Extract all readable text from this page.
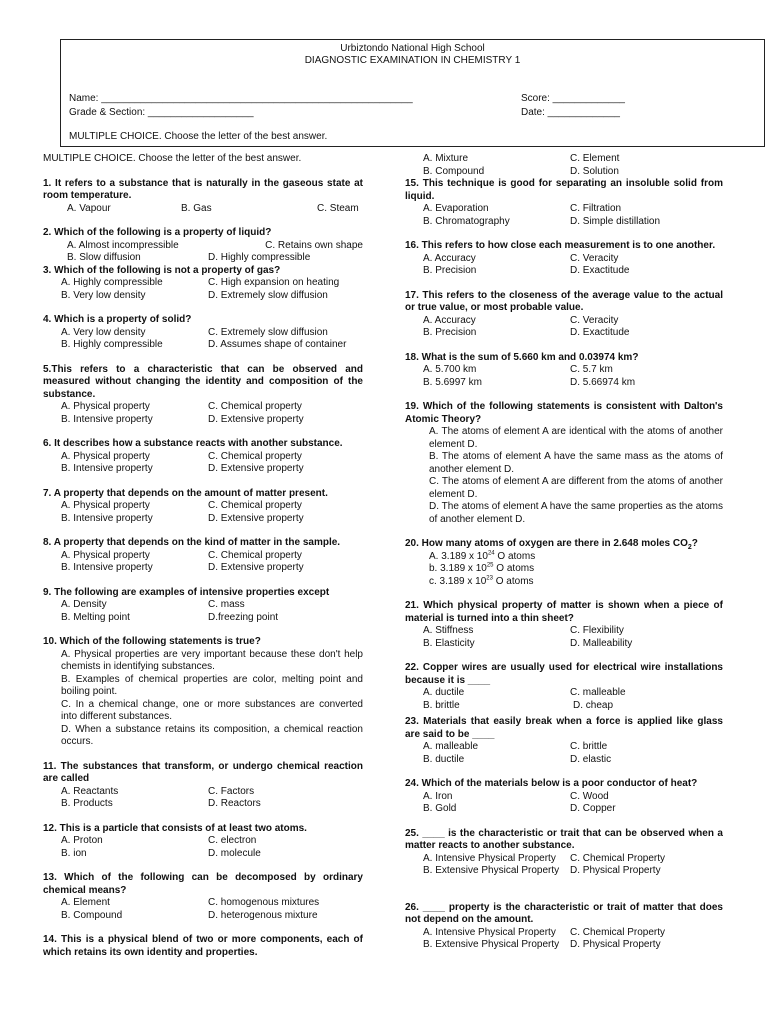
Urbiztondo National High School
DIAGNOSTIC EXAMINATION IN CHEMISTRY 1
Name: ________________________________________________________	Score: _____________
Grade & Section: ___________________	Date: _____________
MULTIPLE CHOICE. Choose the letter of the best answer.
MULTIPLE CHOICE. Choose the letter of the best answer.
1. It refers to a substance that is naturally in the gaseous state at room temperature.
A. Vapour	B. Gas	C. Steam
2. Which of the following is a property of liquid?
A. Almost incompressible	C. Retains own shape
B. Slow diffusion	D. Highly compressible
3. Which of the following is not a property of gas?
A. Highly compressible	C. High expansion on heating
B. Very low density	D. Extremely slow diffusion
4. Which is a property of solid?
A. Very low density	C. Extremely slow diffusion
B. Highly compressible	D. Assumes shape of container
5.This refers to a characteristic that can be observed and measured without changing the identity and composition of the substance.
A. Physical property	C. Chemical property
B. Intensive property	D. Extensive property
6. It describes how a substance reacts with another substance.
A. Physical property	C. Chemical property
B. Intensive property	D. Extensive property
7. A property that depends on the amount of matter present.
A. Physical property	C. Chemical property
B. Intensive property	D. Extensive property
8. A property that depends on the kind of matter in the sample.
A. Physical property	C. Chemical property
B. Intensive property	D. Extensive property
9. The following are examples of intensive properties except
A. Density	C. mass
B. Melting point	D.freezing point
10. Which of the following statements is true?
A. Physical properties are very important because these don't help chemists in identifying substances.
B. Examples of chemical properties are color, melting point and boiling point.
C. In a chemical change, one or more substances are converted into different substances.
D. When a substance retains its composition, a chemical reaction occurs.
11. The substances that transform, or undergo chemical reaction are called
A. Reactants	C. Factors
B. Products	D. Reactors
12. This is a particle that consists of at least two atoms.
A. Proton	C. electron
B. ion	D. molecule
13. Which of the following can be decomposed by ordinary chemical means?
A. Element	C. homogenous mixtures
B. Compound	D. heterogenous mixture
14. This is a physical blend of two or more components, each of which retains its own identity and properties.
A. Mixture	C. Element
B. Compound	D. Solution
15. This technique is good for separating an insoluble solid from liquid.
A. Evaporation	C. Filtration
B. Chromatography	D. Simple distillation
16. This refers to how close each measurement is to one another.
A. Accuracy	C. Veracity
B. Precision	D. Exactitude
17. This refers to the closeness of the average value to the actual or true value, or most probable value.
A. Accuracy	C. Veracity
B. Precision	D. Exactitude
18. What is the sum of 5.660 km and 0.03974 km?
A. 5.700 km	C. 5.7 km
B. 5.6997 km	D. 5.66974 km
19. Which of the following statements is consistent with Dalton's Atomic Theory?
A. The atoms of element A are identical with the atoms of another element D.
B. The atoms of element A have the same mass as the atoms of another element D.
C. The atoms of element A are different from the atoms of another element D.
D. The atoms of element A have the same properties as the atoms of another element D.
20. How many atoms of oxygen are there in 2.648 moles $CO_2$?
A. 3.189 x $10^{24}$ O atoms
b. 3.189 x $10^{25}$ O atoms
c. 3.189 x $10^{23}$ O atoms
21. Which physical property of matter is shown when a piece of material is turned into a thin sheet?
A. Stiffness	C. Flexibility
B. Elasticity	D. Malleability
22. Copper wires are usually used for electrical wire installations because it is ____
A. ductile	C. malleable
B. brittle	D. cheap
23. Materials that easily break when a force is applied like glass are said to be ____
A. malleable	C. brittle
B. ductile	D. elastic
24. Which of the materials below is a poor conductor of heat?
A. Iron	C. Wood
B. Gold	D. Copper
25. ____ is the characteristic or trait that can be observed when a matter reacts to another substance.
A. Intensive Physical Property	C. Chemical Property
B. Extensive Physical Property	D. Physical Property
26. ____ property is the characteristic or trait of matter that does not depend on the amount.
A. Intensive Physical Property	C. Chemical Property
B. Extensive Physical Property	D. Physical Property
